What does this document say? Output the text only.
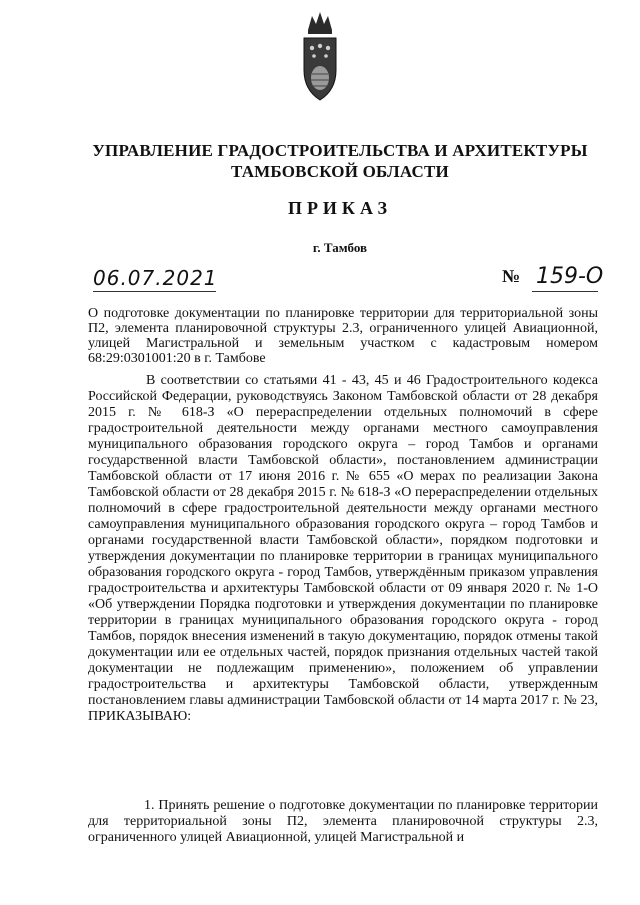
УПРАВЛЕНИЕ ГРАДОСТРОИТЕЛЬСТВА И АРХИТЕКТУРЫ
ТАМБОВСКОЙ ОБЛАСТИ
ПРИКАЗ
г. Тамбов
06.07.2021	№ 159-О
О подготовке документации по планировке территории для территориальной зоны П2, элемента планировочной структуры 2.3, ограниченного улицей Авиационной, улицей Магистральной и земельным участком с кадастровым номером 68:29:0301001:20 в г. Тамбове
В соответствии со статьями 41 - 43, 45 и 46 Градостроительного кодекса Российской Федерации, руководствуясь Законом Тамбовской области от 28 декабря 2015 г. № 618-З «О перераспределении отдельных полномочий в сфере градостроительной деятельности между органами местного самоуправления муниципального образования городского округа – город Тамбов и органами государственной власти Тамбовской области», постановлением администрации Тамбовской области от 17 июня 2016 г. № 655 «О мерах по реализации Закона Тамбовской области от 28 декабря 2015 г. № 618-З «О перераспределении отдельных полномочий в сфере градостроительной деятельности между органами местного самоуправления муниципального образования городского округа – город Тамбов и органами государственной власти Тамбовской области», порядком подготовки и утверждения документации по планировке территории в границах муниципального образования городского округа - город Тамбов, утверждённым приказом управления градостроительства и архитектуры Тамбовской области от 09 января 2020 г. № 1-О «Об утверждении Порядка подготовки и утверждения документации по планировке территории в границах муниципального образования городского округа - город Тамбов, порядок внесения изменений в такую документацию, порядок отмены такой документации или ее отдельных частей, порядок признания отдельных частей такой документации не подлежащим применению», положением об управлении градостроительства и архитектуры Тамбовской области, утвержденным постановлением главы администрации Тамбовской области от 14 марта 2017 г. № 23, ПРИКАЗЫВАЮ:
1. Принять решение о подготовке документации по планировке территории для территориальной зоны П2, элемента планировочной структуры 2.3, ограниченного улицей Авиационной, улицей Магистральной и
